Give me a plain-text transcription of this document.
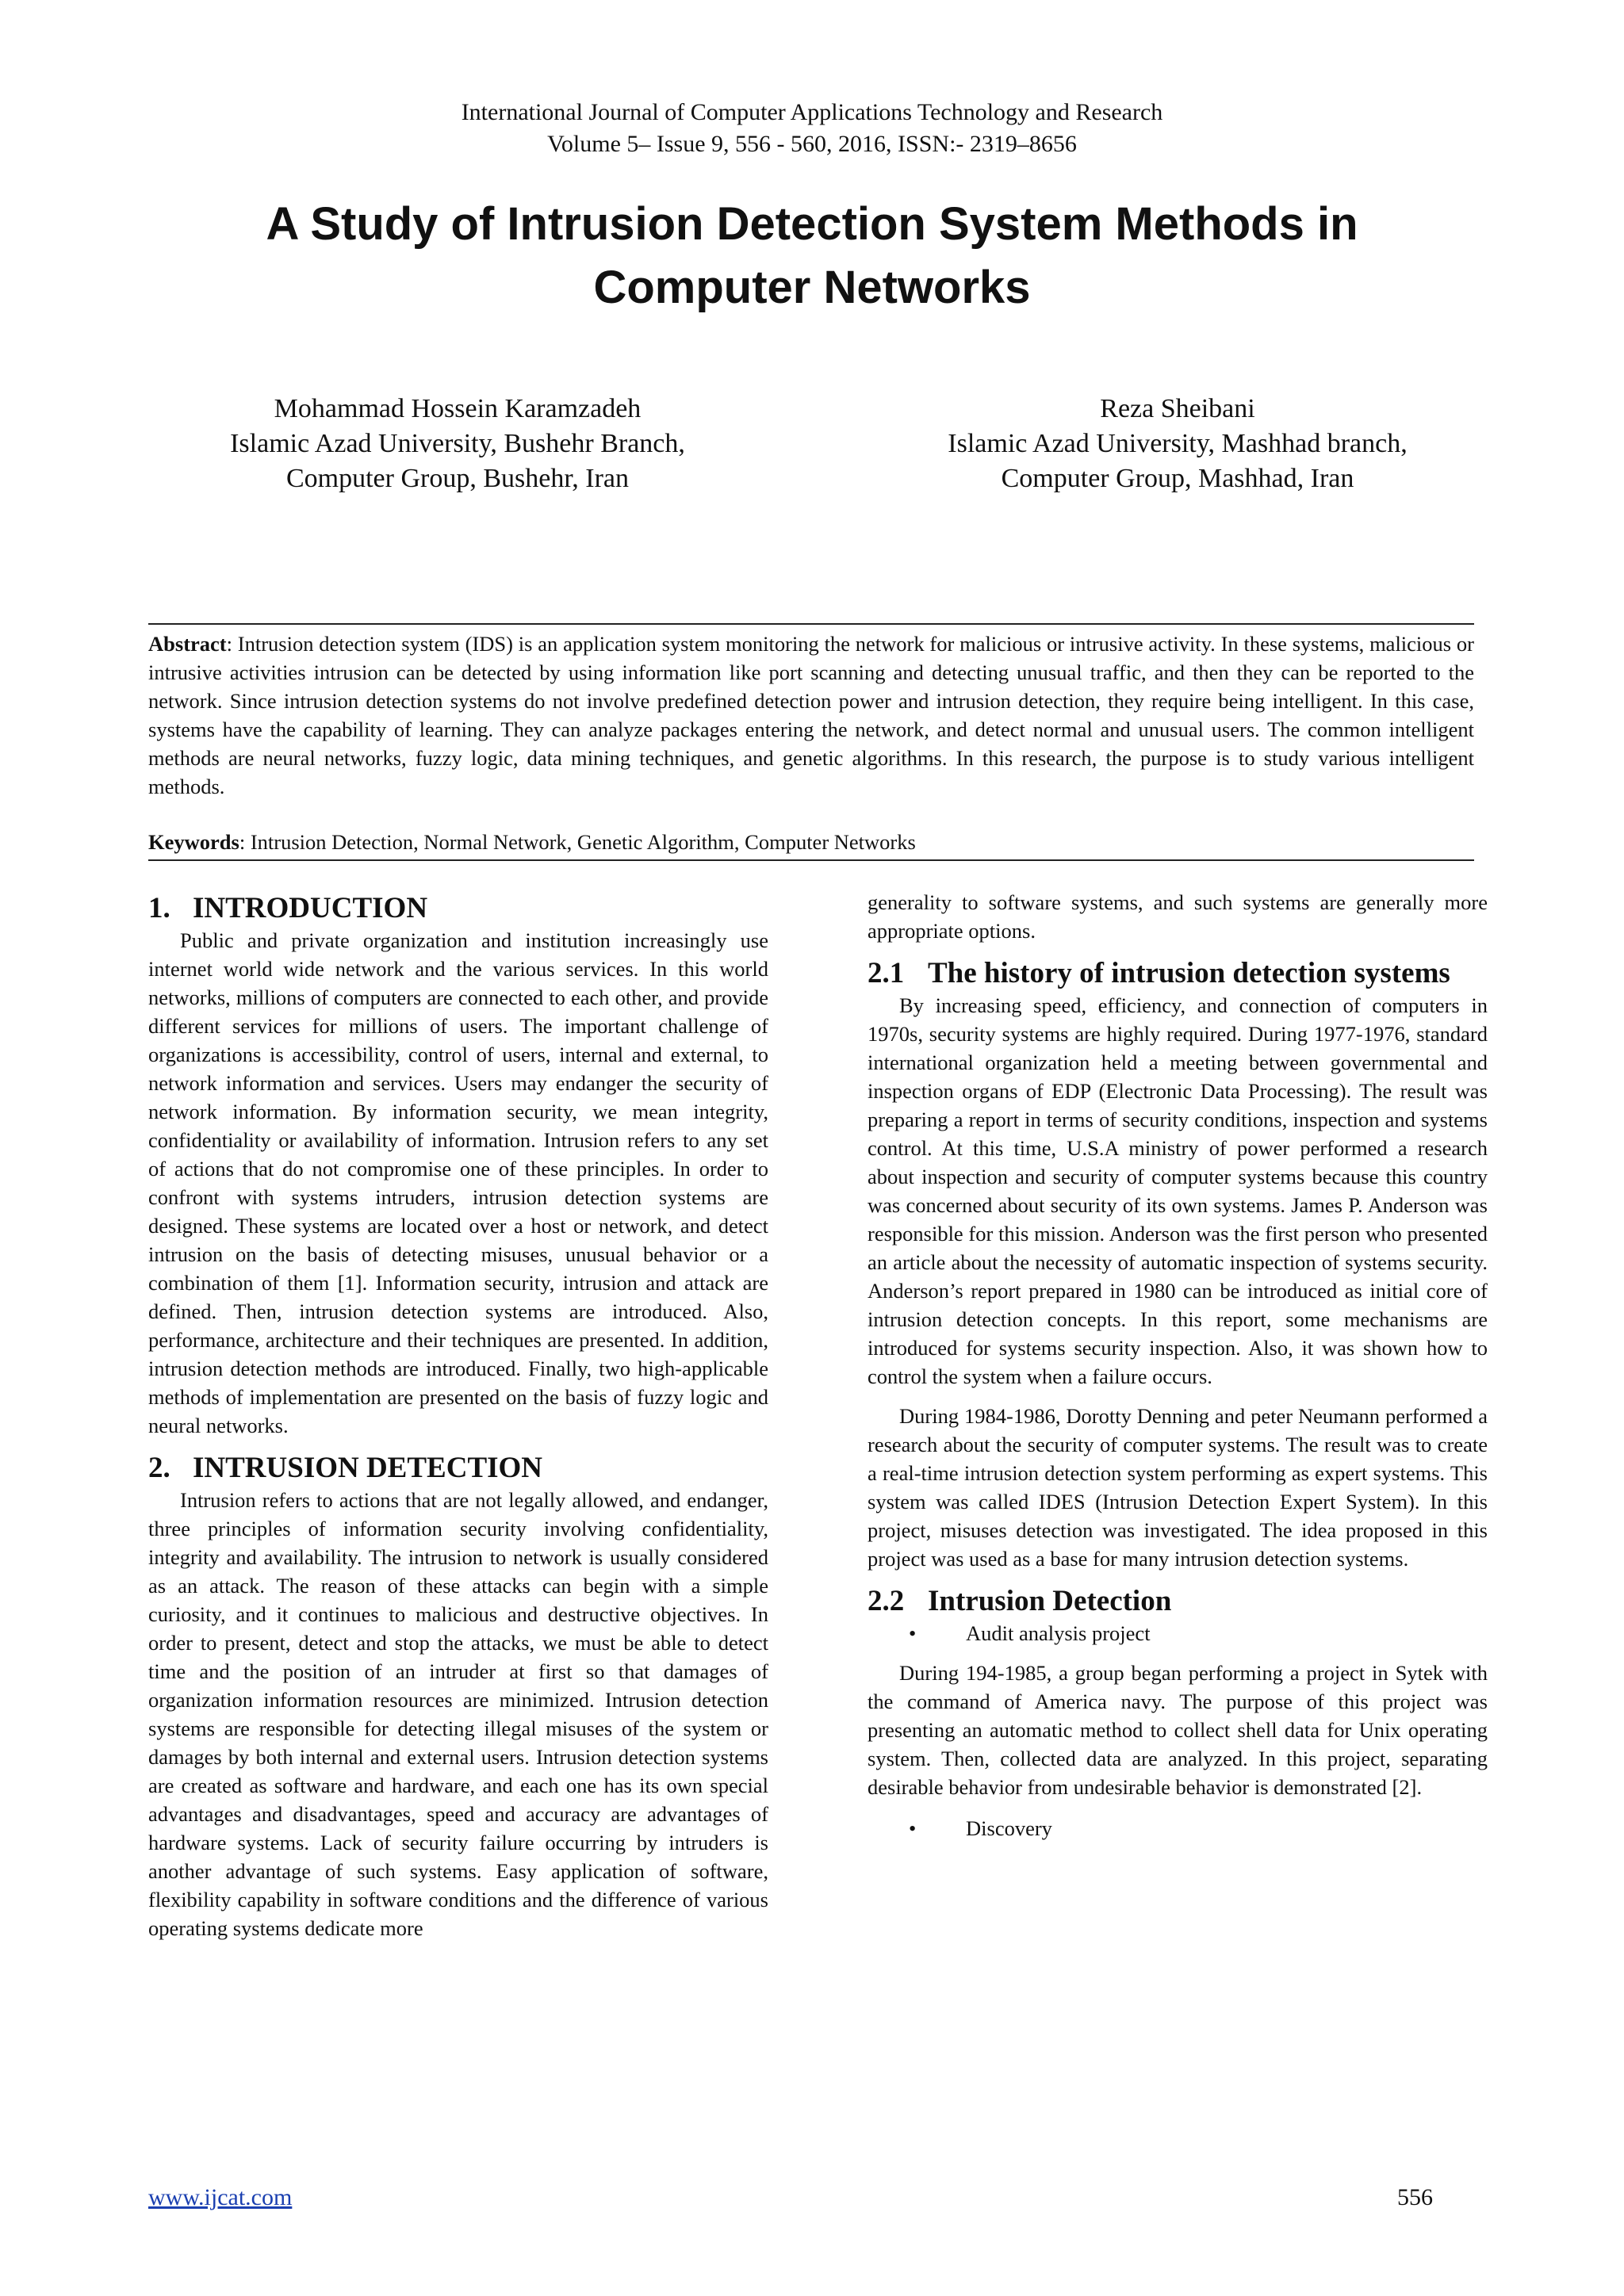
International Journal of Computer Applications Technology and Research
Volume 5– Issue 9, 556 - 560, 2016, ISSN:- 2319–8656
A Study of Intrusion Detection System Methods in
Computer Networks
Mohammad Hossein Karamzadeh
Islamic Azad University, Bushehr Branch,
Computer Group, Bushehr, Iran
Reza Sheibani
Islamic Azad University, Mashhad branch,
Computer Group, Mashhad, Iran

Abstract: Intrusion detection system (IDS) is an application system monitoring the network for malicious or intrusive activity. In these systems, malicious or intrusive activities intrusion can be detected by using information like port scanning and detecting unusual traffic, and then they can be reported to the network. Since intrusion detection systems do not involve predefined detection power and intrusion detection, they require being intelligent. In this case, systems have the capability of learning. They can analyze packages entering the network, and detect normal and unusual users. The common intelligent methods are neural networks, fuzzy logic, data mining techniques, and genetic algorithms. In this research, the purpose is to study various intelligent methods.

Keywords: Intrusion Detection, Normal Network, Genetic Algorithm, Computer Networks

1. INTRODUCTION

Public and private organization and institution increasingly use internet world wide network and the various services. In this world networks, millions of computers are connected to each other, and provide different services for millions of users. The important challenge of organizations is accessibility, control of users, internal and external, to network information and services. Users may endanger the security of network information. By information security, we mean integrity, confidentiality or availability of information. Intrusion refers to any set of actions that do not compromise one of these principles. In order to confront with systems intruders, intrusion detection systems are designed. These systems are located over a host or network, and detect intrusion on the basis of detecting misuses, unusual behavior or a combination of them [1]. Information security, intrusion and attack are defined. Then, intrusion detection systems are introduced. Also, performance, architecture and their techniques are presented. In addition, intrusion detection methods are introduced. Finally, two high-applicable methods of implementation are presented on the basis of fuzzy logic and neural networks.

2. INTRUSION DETECTION

Intrusion refers to actions that are not legally allowed, and endanger, three principles of information security involving confidentiality, integrity and availability. The intrusion to network is usually considered as an attack. The reason of these attacks can begin with a simple curiosity, and it continues to malicious and destructive objectives. In order to present, detect and stop the attacks, we must be able to detect time and the position of an intruder at first so that damages of organization information resources are minimized. Intrusion detection systems are responsible for detecting illegal misuses of the system or damages by both internal and external users. Intrusion detection systems are created as software and hardware, and each one has its own special advantages and disadvantages, speed and accuracy are advantages of hardware systems. Lack of security failure occurring by intruders is another advantage of such systems. Easy application of software, flexibility capability in software conditions and the difference of various operating systems dedicate more

generality to software systems, and such systems are generally more appropriate options.

2.1 The history of intrusion detection systems

By increasing speed, efficiency, and connection of computers in 1970s, security systems are highly required. During 1977-1976, standard international organization held a meeting between governmental and inspection organs of EDP (Electronic Data Processing). The result was preparing a report in terms of security conditions, inspection and systems control. At this time, U.S.A ministry of power performed a research about inspection and security of computer systems because this country was concerned about security of its own systems. James P. Anderson was responsible for this mission. Anderson was the first person who presented an article about the necessity of automatic inspection of systems security. Anderson’s report prepared in 1980 can be introduced as initial core of intrusion detection concepts. In this report, some mechanisms are introduced for systems security inspection. Also, it was shown how to control the system when a failure occurs.

During 1984-1986, Dorotty Denning and peter Neumann performed a research about the security of computer systems. The result was to create a real-time intrusion detection system performing as expert systems. This system was called IDES (Intrusion Detection Expert System). In this project, misuses detection was investigated. The idea proposed in this project was used as a base for many intrusion detection systems.

2.2 Intrusion Detection

• Audit analysis project

During 194-1985, a group began performing a project in Sytek with the command of America navy. The purpose of this project was presenting an automatic method to collect shell data for Unix operating system. Then, collected data are analyzed. In this project, separating desirable behavior from undesirable behavior is demonstrated [2].

• Discovery

www.ijcat.com	556
